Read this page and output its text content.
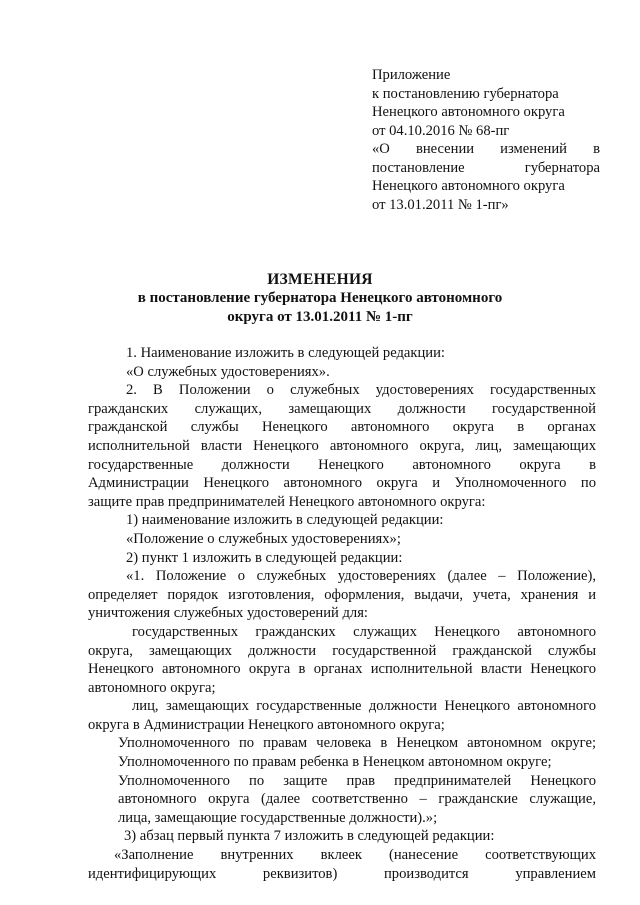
Приложение
к постановлению губернатора
Ненецкого автономного округа
от 04.10.2016 № 68-пг
«О внесении изменений в
постановление губернатора
Ненецкого автономного округа
от 13.01.2011 № 1-пг»
ИЗМЕНЕНИЯ
в постановление губернатора Ненецкого автономного
округа от 13.01.2011 № 1-пг
1. Наименование изложить в следующей редакции:
«О служебных удостоверениях».
2. В Положении о служебных удостоверениях государственных
гражданских служащих, замещающих должности государственной
гражданской службы Ненецкого автономного округа в органах
исполнительной власти Ненецкого автономного округа, лиц, замещающих
государственные должности Ненецкого автономного округа в
Администрации Ненецкого автономного округа и Уполномоченного по
защите прав предпринимателей Ненецкого автономного округа:
1) наименование изложить в следующей редакции:
«Положение о служебных удостоверениях»;
2) пункт 1 изложить в следующей редакции:
«1. Положение о служебных удостоверениях (далее – Положение),
определяет порядок изготовления, оформления, выдачи, учета, хранения и
уничтожения служебных удостоверений для:
государственных гражданских служащих Ненецкого автономного
округа, замещающих должности государственной гражданской службы
Ненецкого автономного округа в органах исполнительной власти Ненецкого
автономного округа;
лиц, замещающих государственные должности Ненецкого автономного
округа в Администрации Ненецкого автономного округа;
Уполномоченного по правам человека в Ненецком автономном округе;
Уполномоченного по правам ребенка в Ненецком автономном округе;
Уполномоченного по защите прав предпринимателей Ненецкого
автономного округа (далее соответственно – гражданские служащие,
лица, замещающие государственные должности).»;
3) абзац первый пункта 7 изложить в следующей редакции:
«Заполнение внутренних вклеек (нанесение соответствующих
идентифицирующих реквизитов) производится управлением
